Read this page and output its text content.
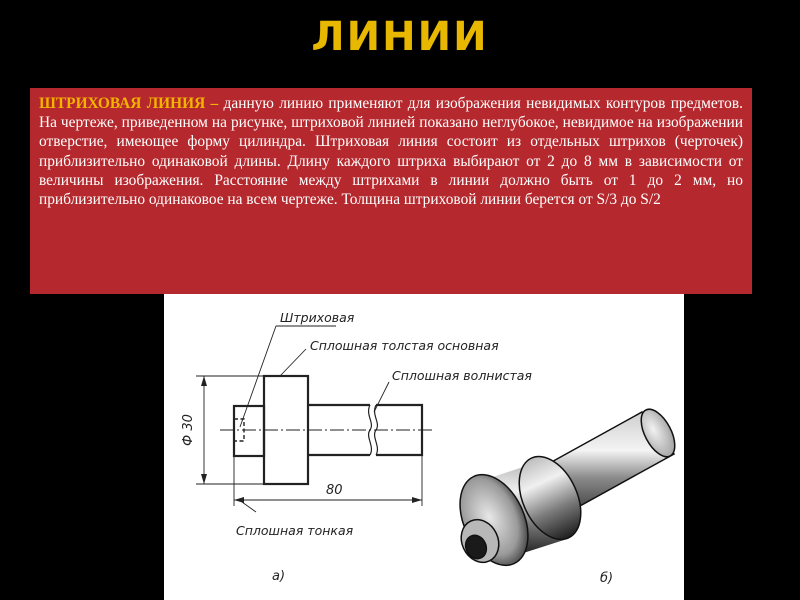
ЛИНИИ
ШТРИХОВАЯ ЛИНИЯ – данную линию применяют для изображения невидимых контуров предметов. На чертеже, приведенном на рисунке, штриховой линией показано неглубокое, невидимое на изображении отверстие, имеющее форму цилиндра. Штриховая линия состоит из отдельных штрихов (черточек) приблизительно одинаковой длины. Длину каждого штриха выбирают от 2 до 8 мм в зависимости от величины изображения. Расстояние между штрихами в линии должно быть от 1 до 2 мм, но приблизительно одинаковое на всем чертеже. Толщина штриховой линии берется от S/3 до S/2
Штриховая
Сплошная толстая основная
Сплошная волнистая
Сплошная тонкая
Ф 30
80
а)	б)
